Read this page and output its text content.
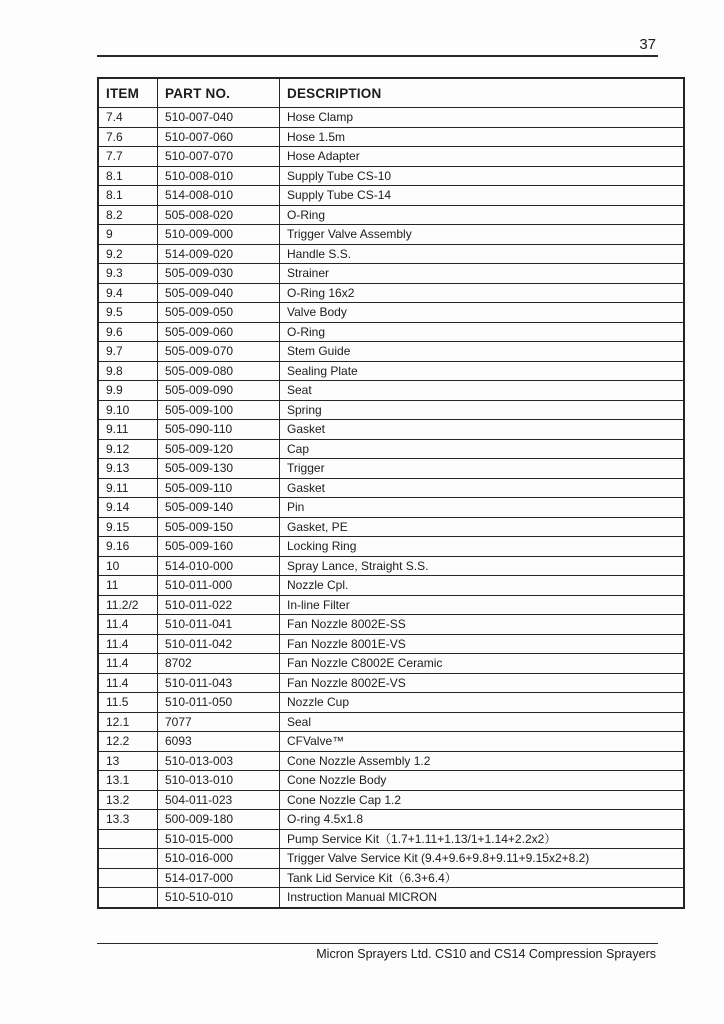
37
ITEM	PART NO.	DESCRIPTION
7.4	510-007-040	Hose Clamp
7.6	510-007-060	Hose 1.5m
7.7	510-007-070	Hose Adapter
8.1	510-008-010	Supply Tube CS-10
8.1	514-008-010	Supply Tube CS-14
8.2	505-008-020	O-Ring
9	510-009-000	Trigger Valve Assembly
9.2	514-009-020	Handle S.S.
9.3	505-009-030	Strainer
9.4	505-009-040	O-Ring 16x2
9.5	505-009-050	Valve Body
9.6	505-009-060	O-Ring
9.7	505-009-070	Stem Guide
9.8	505-009-080	Sealing Plate
9.9	505-009-090	Seat
9.10	505-009-100	Spring
9.11	505-090-110	Gasket
9.12	505-009-120	Cap
9.13	505-009-130	Trigger
9.11	505-009-110	Gasket
9.14	505-009-140	Pin
9.15	505-009-150	Gasket, PE
9.16	505-009-160	Locking Ring
10	514-010-000	Spray Lance, Straight S.S.
11	510-011-000	Nozzle Cpl.
11.2/2	510-011-022	In-line Filter
11.4	510-011-041	Fan Nozzle 8002E-SS
11.4	510-011-042	Fan Nozzle 8001E-VS
11.4	8702	Fan Nozzle C8002E Ceramic
11.4	510-011-043	Fan Nozzle 8002E-VS
11.5	510-011-050	Nozzle Cup
12.1	7077	Seal
12.2	6093	CFValve™
13	510-013-003	Cone Nozzle Assembly 1.2
13.1	510-013-010	Cone Nozzle Body
13.2	504-011-023	Cone Nozzle Cap 1.2
13.3	500-009-180	O-ring 4.5x1.8
	510-015-000	Pump Service Kit（1.7+1.11+1.13/1+1.14+2.2x2）
	510-016-000	Trigger Valve Service Kit (9.4+9.6+9.8+9.11+9.15x2+8.2)
	514-017-000	Tank Lid Service Kit（6.3+6.4）
	510-510-010	Instruction Manual MICRON
Micron Sprayers Ltd. CS10 and CS14 Compression Sprayers
